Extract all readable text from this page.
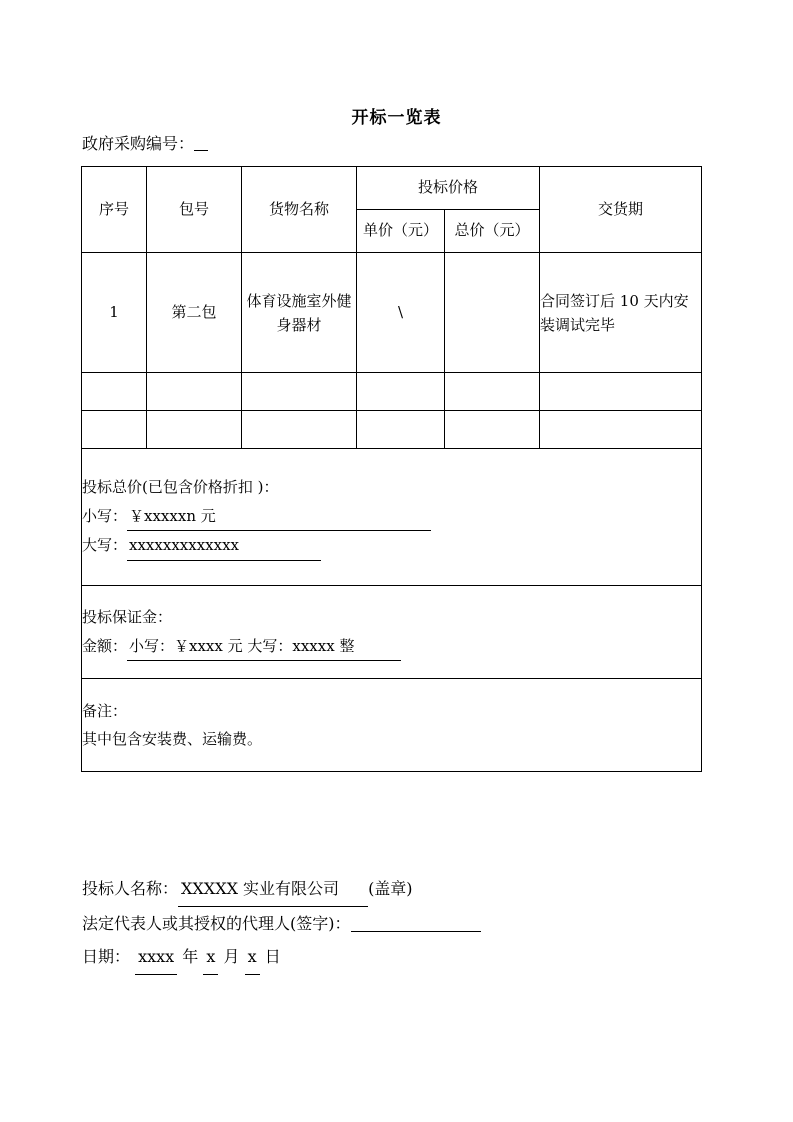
开标一览表
政府采购编号：
序号	包号	货物名称	投标价格		交货期
			单价（元）	总价（元）	
1	第二包	体育设施室外健身器材	\		合同签订后 10 天内安装调试完毕

投标总价(已包含价格折扣 )：
小写： ￥xxxxxn 元
大写： xxxxxxxxxxxxx					

投标保证金：
金额： 小写：￥xxxx 元 大写：xxxxx 整					

备注：
其中包含安装费、运输费。					
投标人名称： XXXXX 实业有限公司 (盖章)
法定代表人或其授权的代理人(签字)：
日期： xxxx 年 x 月 x 日
